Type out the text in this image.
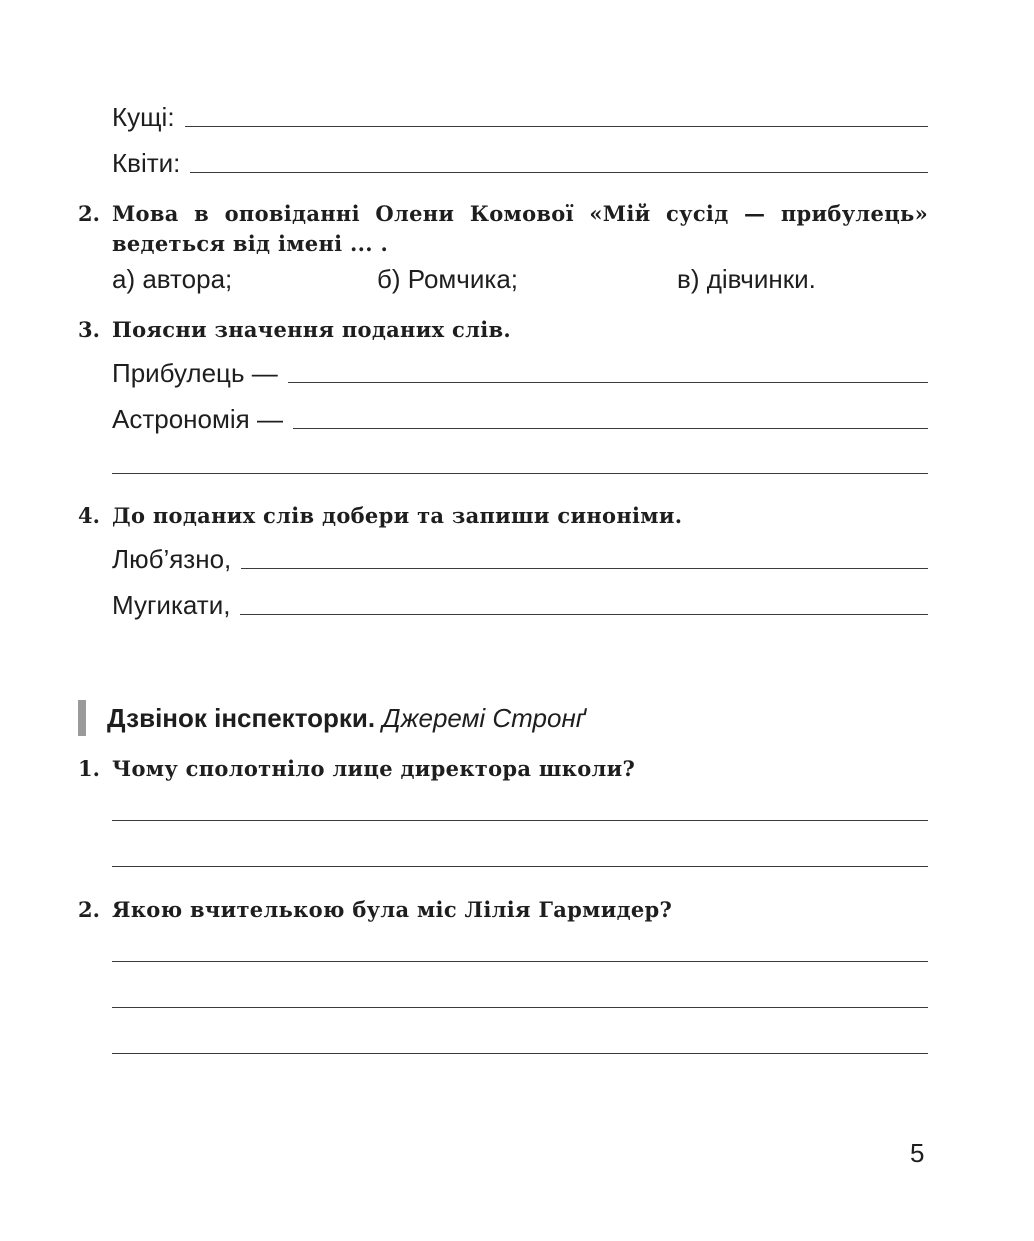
Кущі:
Квіти:
2. Мова в оповіданні Олени Комової «Мій сусід — прибулець»
ведеться від імені ... .
а) автора;	б) Ромчика;	в) дівчинки.
3. Поясни значення поданих слів.
Прибулець —
Астрономія —
4. До поданих слів добери та запиши синоніми.
Люб’язно,
Мугикати,
Дзвінок інспекторки. Джеремі Стронґ
1. Чому сполотніло лице директора школи?
2. Якою вчителькою була міс Лілія Гармидер?
5
